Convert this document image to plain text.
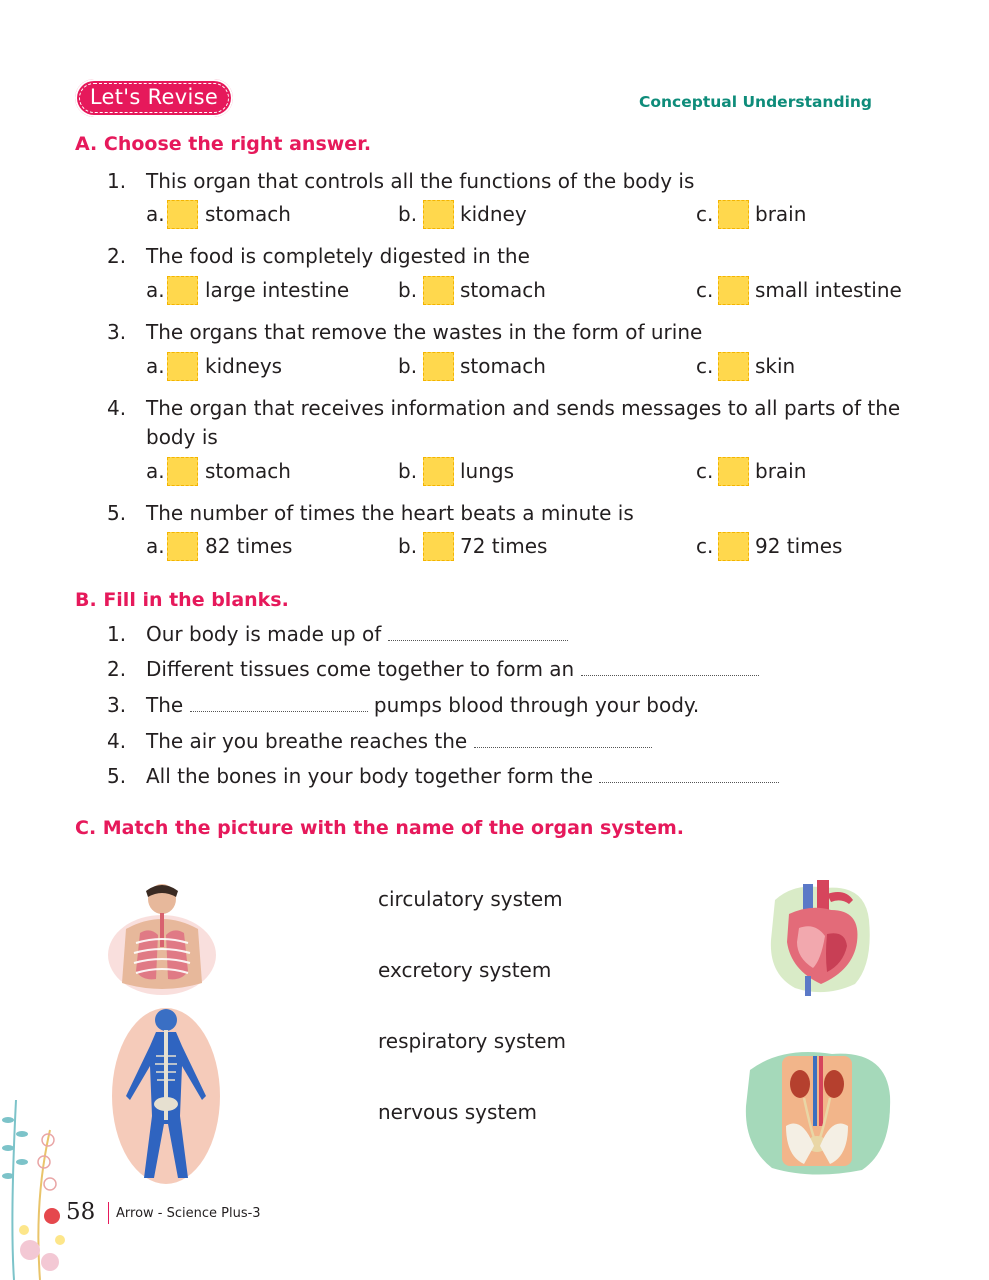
Let's Revise	Conceptual Understanding
A. Choose the right answer.
1. This organ that controls all the functions of the body is
a. stomach	b. kidney	c. brain
2. The food is completely digested in the
a. large intestine b. stomach	c. small intestine
3. The organs that remove the wastes in the form of urine
a. kidneys	b. stomach	c. skin
4. The organ that receives information and sends messages to all parts of the
body is
a. stomach	b. lungs	c. brain
5. The number of times the heart beats a minute is
a. 82 times	b. 72 times	c. 92 times
B. Fill in the blanks.
1. Our body is made up of
2. Different tissues come together to form an
3. The	pumps blood through your body.
4. The air you breathe reaches the
5. All the bones in your body together form the
C. Match the picture with the name of the organ system.
circulatory system
excretory system
respiratory system
nervous system
58 Arrow - Science Plus-3
